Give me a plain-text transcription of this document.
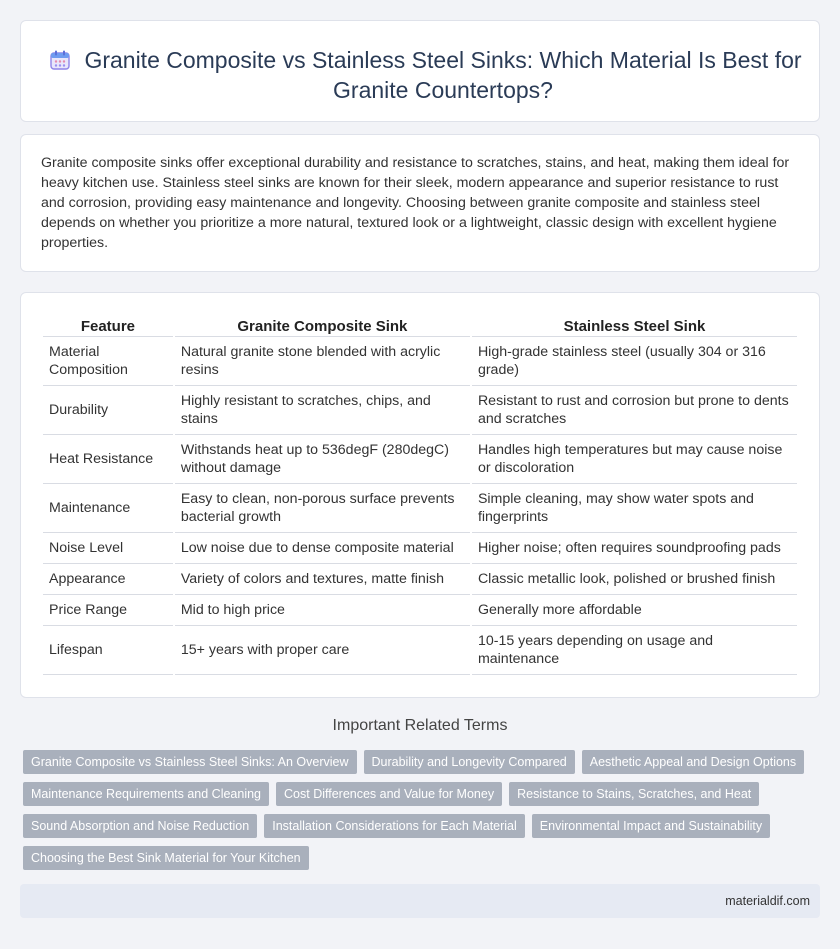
Granite Composite vs Stainless Steel Sinks: Which Material Is Best for Granite Countertops?

Granite composite sinks offer exceptional durability and resistance to scratches, stains, and heat, making them ideal for heavy kitchen use. Stainless steel sinks are known for their sleek, modern appearance and superior resistance to rust and corrosion, providing easy maintenance and longevity. Choosing between granite composite and stainless steel depends on whether you prioritize a more natural, textured look or a lightweight, classic design with excellent hygiene properties.

Feature	Granite Composite Sink	Stainless Steel Sink
Material Composition	Natural granite stone blended with acrylic resins	High-grade stainless steel (usually 304 or 316 grade)
Durability	Highly resistant to scratches, chips, and stains	Resistant to rust and corrosion but prone to dents and scratches
Heat Resistance	Withstands heat up to 536degF (280degC) without damage	Handles high temperatures but may cause noise or discoloration
Maintenance	Easy to clean, non-porous surface prevents bacterial growth	Simple cleaning, may show water spots and fingerprints
Noise Level	Low noise due to dense composite material	Higher noise; often requires soundproofing pads
Appearance	Variety of colors and textures, matte finish	Classic metallic look, polished or brushed finish
Price Range	Mid to high price	Generally more affordable
Lifespan	15+ years with proper care	10-15 years depending on usage and maintenance
Important Related Terms
Granite Composite vs Stainless Steel Sinks: An Overview	Durability and Longevity Compared	Aesthetic Appeal and Design Options
Maintenance Requirements and Cleaning	Cost Differences and Value for Money	Resistance to Stains, Scratches, and Heat
Sound Absorption and Noise Reduction	Installation Considerations for Each Material	Environmental Impact and Sustainability
Choosing the Best Sink Material for Your Kitchen
materialdif.com
